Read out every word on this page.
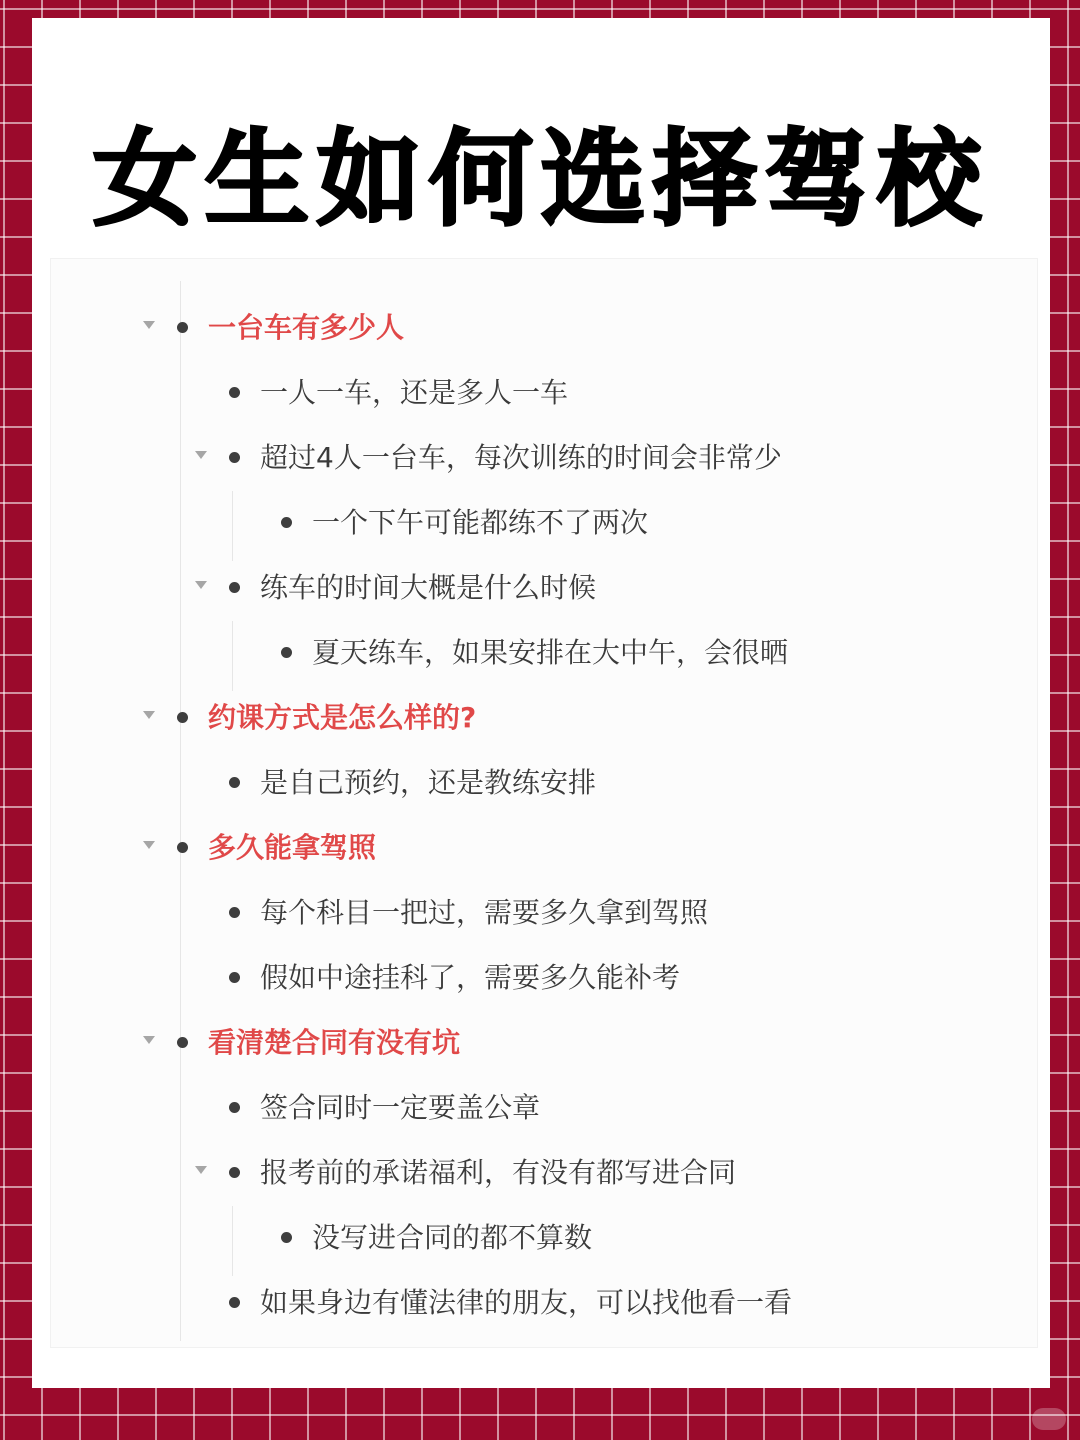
女生如何选择驾校
一台车有多少人
一人一车，还是多人一车
超过4人一台车，每次训练的时间会非常少
一个下午可能都练不了两次
练车的时间大概是什么时候
夏天练车，如果安排在大中午，会很晒
约课方式是怎么样的?
是自己预约，还是教练安排
多久能拿驾照
每个科目一把过，需要多久拿到驾照
假如中途挂科了，需要多久能补考
看清楚合同有没有坑
签合同时一定要盖公章
报考前的承诺福利，有没有都写进合同
没写进合同的都不算数
如果身边有懂法律的朋友，可以找他看一看
